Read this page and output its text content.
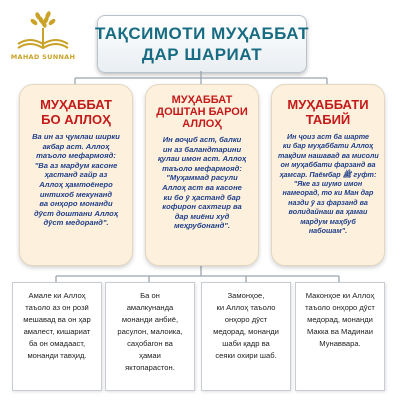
MAHAD SUNNAH
ТАҚСИМОТИ МУҲАББАТ
ДАР ШАРИАТ
МУҲАББАТ
БО АЛЛОҲ
Ва ин аз ҷумлаи ширки
акбар аст. Аллоҳ
таъоло мефармояд:
"Ва аз мардум касоне
ҳастанд гайр аз
Аллоҳ ҳамтоёнеро
интихоб мекунанд
ва онҳоро монанди
дӯст доштани Аллоҳ
дӯст медоранд".
МУҲАББАТ
ДОШТАН БАРОИ
АЛЛОҲ
Ин воҷиб аст, балки
ин аз баландтарини
қулаи имон аст. Аллоҳ
таъоло мефармояд:
"Муҳаммад расули
Аллоҳ аст ва касоне
ки бо ӯ ҳастанд бар
кофирон сахтгир ва
дар миёни худ
меҳрубонанд".
МУҲАББАТИ
ТАБИЙ
Ин ҷоиз аст ба шарте
ки бар муҳаббати Аллоҳ
тақдим нашавад ва мисоли
он муҳаббати фарзанд ва
ҳамсар. Паёмбар ﷺ гуфт:
"Яке аз шумо имон
намеорад, то ки Ман дар
назди ӯ аз фарзанд ва
волидайнаш ва ҳамаи
мардум маҳбуб
набошам".
Амале ки Аллоҳ
таъоло аз он розӣ
мешавад ва он ҳар
амалест, кишариат
ба он омадааст,
монанди тавҳид.
Ба он
амалкунанда
монанди анбиё,
расулон, малоика,
саҳобагон ва
ҳамаи
яктопарастон.
Замонҳое,
ки Аллоҳ таъоло
онҳоро дӯст
медорад, монанди
шаби қадр ва
сеяки охири шаб.
Маконҳое ки Аллоҳ
таъоло онҳоро дӯст
медорад, монанди
Макка ва Мадинаи
Мунаввара.
